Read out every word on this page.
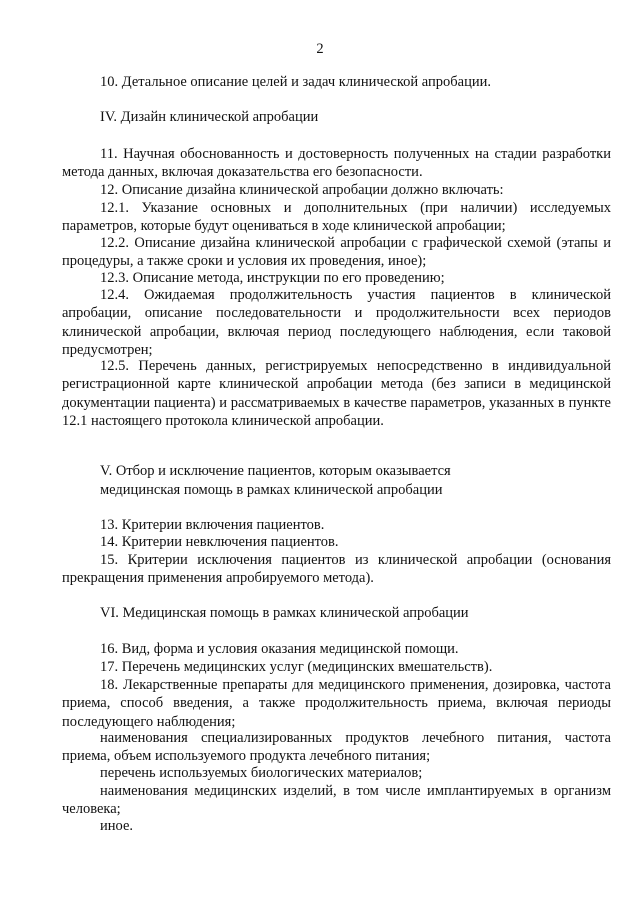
2

10. Детальное описание целей и задач клинической апробации.

IV. Дизайн клинической апробации

11. Научная обоснованность и достоверность полученных на стадии разработки метода данных, включая доказательства его безопасности.

12. Описание дизайна клинической апробации должно включать:

12.1. Указание основных и дополнительных (при наличии) исследуемых параметров, которые будут оцениваться в ходе клинической апробации;

12.2. Описание дизайна клинической апробации с графической схемой (этапы и процедуры, а также сроки и условия их проведения, иное);

12.3. Описание метода, инструкции по его проведению;

12.4. Ожидаемая продолжительность участия пациентов в клинической апробации, описание последовательности и продолжительности всех периодов клинической апробации, включая период последующего наблюдения, если таковой предусмотрен;

12.5. Перечень данных, регистрируемых непосредственно в индивидуальной регистрационной карте клинической апробации метода (без записи в медицинской документации пациента) и рассматриваемых в качестве параметров, указанных в пункте 12.1 настоящего протокола клинической апробации.

V. Отбор и исключение пациентов, которым оказывается

медицинская помощь в рамках клинической апробации

13. Критерии включения пациентов.

14. Критерии невключения пациентов.

15. Критерии исключения пациентов из клинической апробации (основания прекращения применения апробируемого метода).

VI. Медицинская помощь в рамках клинической апробации

16. Вид, форма и условия оказания медицинской помощи.

17. Перечень медицинских услуг (медицинских вмешательств).

18. Лекарственные препараты для медицинского применения, дозировка, частота приема, способ введения, а также продолжительность приема, включая периоды последующего наблюдения;

наименования специализированных продуктов лечебного питания, частота приема, объем используемого продукта лечебного питания;

перечень используемых биологических материалов;

наименования медицинских изделий, в том числе имплантируемых в организм человека;

иное.
